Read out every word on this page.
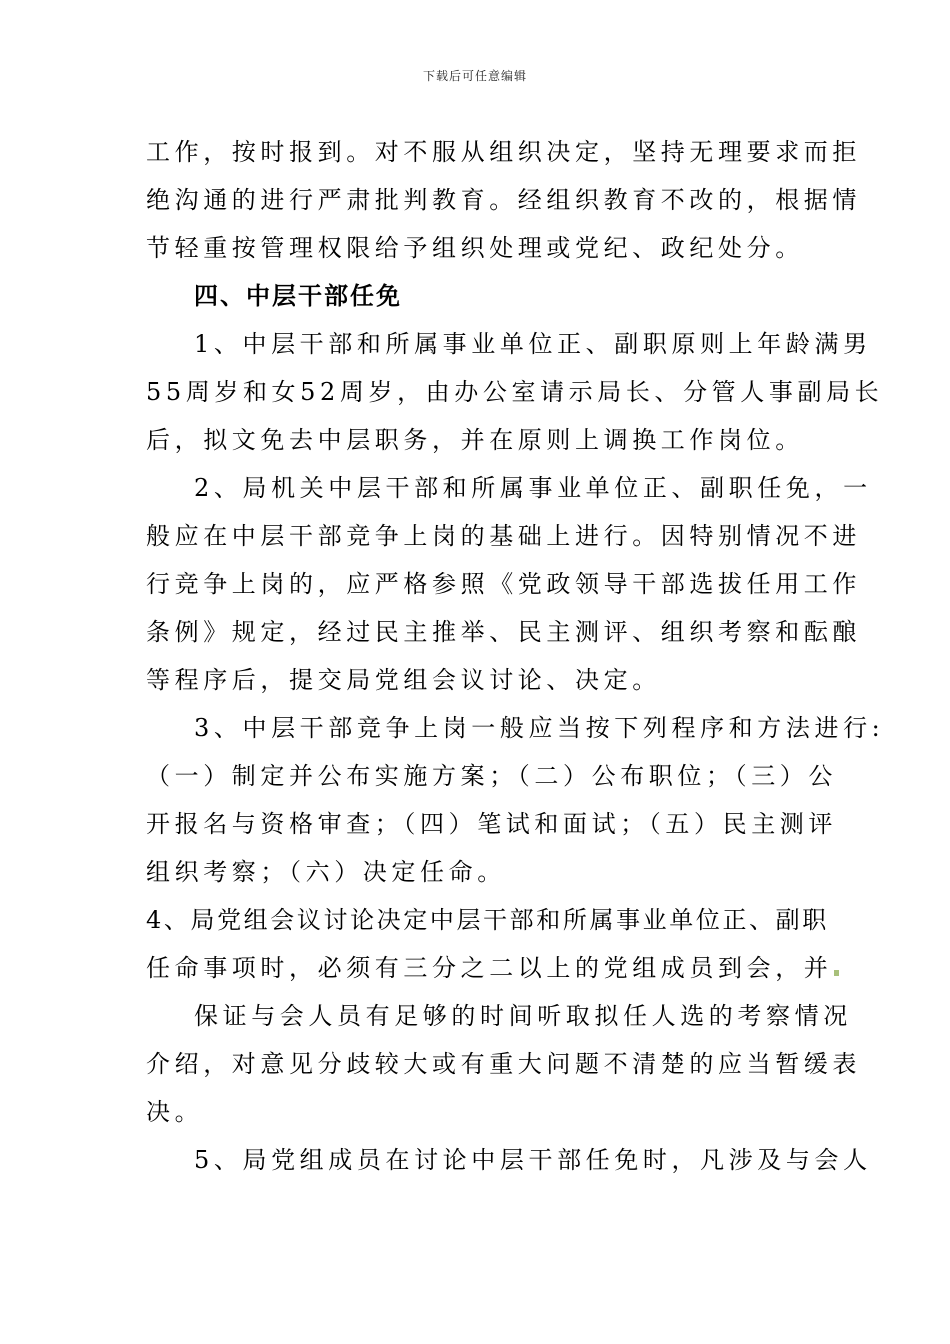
下载后可任意编辑
工作，按时报到。对不服从组织决定，坚持无理要求而拒
绝沟通的进行严肃批判教育。经组织教育不改的，根据情
节轻重按管理权限给予组织处理或党纪、政纪处分。
四、中层干部任免
1、中层干部和所属事业单位正、副职原则上年龄满男
55周岁和女52周岁，由办公室请示局长、分管人事副局长
后，拟文免去中层职务，并在原则上调换工作岗位。
2、局机关中层干部和所属事业单位正、副职任免，一
般应在中层干部竞争上岗的基础上进行。因特别情况不进
行竞争上岗的，应严格参照《党政领导干部选拔任用工作
条例》规定，经过民主推举、民主测评、组织考察和酝酿
等程序后，提交局党组会议讨论、决定。
3、中层干部竞争上岗一般应当按下列程序和方法进行:
（一）制定并公布实施方案；（二）公布职位；（三）公
开报名与资格审查；（四）笔试和面试；（五）民主测评
组织考察；（六）决定任命。
4、局党组会议讨论决定中层干部和所属事业单位正、副职
任命事项时，必须有三分之二以上的党组成员到会，并
保证与会人员有足够的时间听取拟任人选的考察情况
介绍，对意见分歧较大或有重大问题不清楚的应当暂缓表
决。
5、局党组成员在讨论中层干部任免时，凡涉及与会人
